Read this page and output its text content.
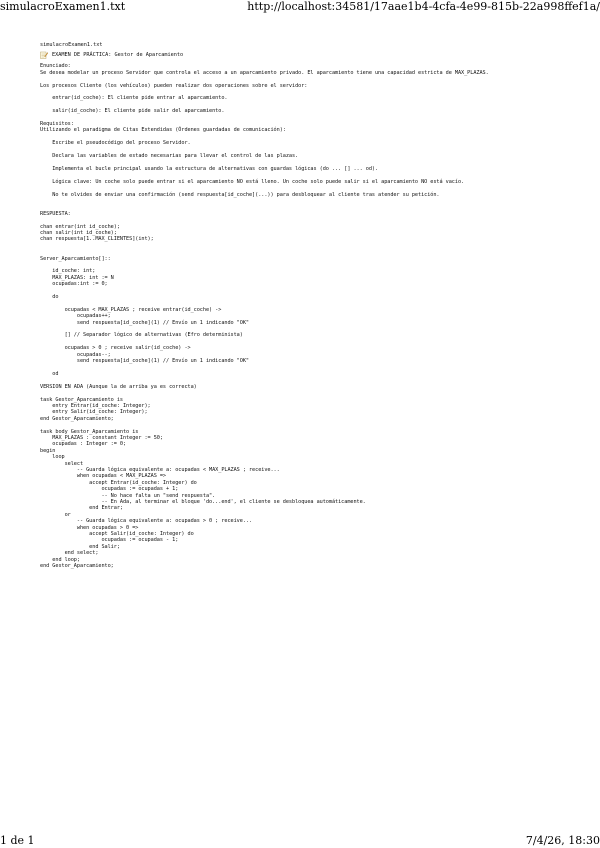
simulacroExamen1.txt	http://localhost:34581/17aae1b4-4cfa-4e99-815b-22a998ffef1a/
simulacroExamen1.txt
EXAMEN DE PRÁCTICA: Gestor de Aparcamiento
Enunciado:
Se desea modelar un proceso Servidor que controla el acceso a un aparcamiento privado. El aparcamiento tiene una capacidad estricta de MAX_PLAZAS.

Los procesos Cliente (los vehículos) pueden realizar dos operaciones sobre el servidor:

entrar(id_coche): El cliente pide entrar al aparcamiento.

salir(id_coche): El cliente pide salir del aparcamiento.

Requisitos:
Utilizando el paradigma de Citas Extendidas (Órdenes guardadas de comunicación):

Escribe el pseudocódigo del proceso Servidor.

Declara las variables de estado necesarias para llevar el control de las plazas.

Implementa el bucle principal usando la estructura de alternativas con guardas lógicas (do ... [] ... od).

Lógica clave: Un coche solo puede entrar si el aparcamiento NO está lleno. Un coche solo puede salir si el aparcamiento NO está vacío.

No te olvides de enviar una confirmación (send respuesta[id_coche](...)) para desbloquear al cliente tras atender su petición.

RESPUESTA:

chan entrar(int id_coche);
chan salir(int id_coche);
chan respuesta[1..MAX_CLIENTES](int);

Server_Aparcamiento[]::

id_coche: int;
MAX_PLAZAS: int := N
ocupadas:int := 0;

do

ocupadas < MAX_PLAZAS ; receive entrar(id_coche) ->
ocupadas++;
send respuesta[id_coche](1) // Envío un 1 indicando "OK"

[] // Separador lógico de alternativas (Efro determinista)

ocupadas > 0 ; receive salir(id_coche) ->
ocupadas--;
send respuesta[id_coche](1) // Envío un 1 indicando "OK"

od

VERSION EN ADA (Aunque la de arriba ya es correcta)

task Gestor_Aparcamiento is
entry Entrar(id_coche: Integer);
entry Salir(id_coche: Integer);
end Gestor_Aparcamiento;

task body Gestor_Aparcamiento is
MAX_PLAZAS : constant Integer := 50;
ocupadas : Integer := 0;
begin
loop
select
-- Guarda lógica equivalente a: ocupadas < MAX_PLAZAS ; receive...
when ocupadas < MAX_PLAZAS =>
accept Entrar(id_coche: Integer) do
ocupadas := ocupadas + 1;
-- No hace falta un "send respuesta".
-- En Ada, al terminar el bloque 'do...end', el cliente se desbloquea automáticamente.
end Entrar;
or
-- Guarda lógica equivalente a: ocupadas > 0 ; receive...
when ocupadas > 0 =>
accept Salir(id_coche: Integer) do
ocupadas := ocupadas - 1;
end Salir;
end select;
end loop;
end Gestor_Aparcamiento;
1 de 1	7/4/26, 18:30
